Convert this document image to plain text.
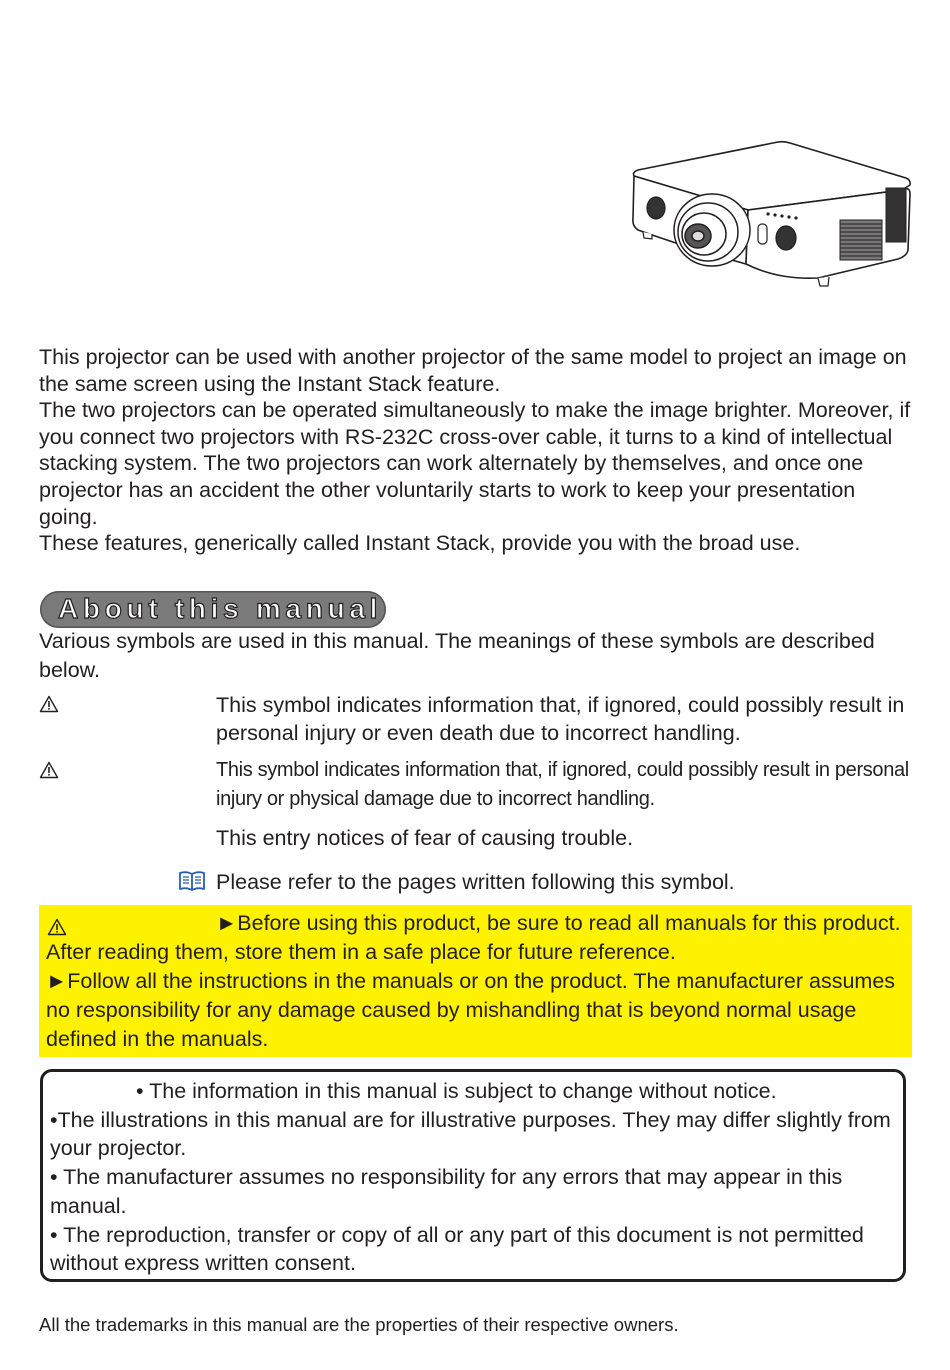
This projector can be used with another projector of the same model to project an image on the same screen using the Instant Stack feature.

The two projectors can be operated simultaneously to make the image brighter. Moreover, if you connect two projectors with RS-232C cross-over cable, it turns to a kind of intellectual stacking system. The two projectors can work alternately by themselves, and once one projector has an accident the other voluntarily starts to work to keep your presentation going.

These features, generically called Instant Stack, provide you with the broad use.

About this manual

Various symbols are used in this manual. The meanings of these symbols are described below.

This symbol indicates information that, if ignored, could possibly result in personal injury or even death due to incorrect handling.
This symbol indicates information that, if ignored, could possibly result in personal injury or physical damage due to incorrect handling.
This entry notices of fear of causing trouble.
Please refer to the pages written following this symbol.

►Before using this product, be sure to read all manuals for this product. After reading them, store them in a safe place for future reference.

►Follow all the instructions in the manuals or on the product. The manufacturer assumes no responsibility for any damage caused by mishandling that is beyond normal usage defined in the manuals.

• The information in this manual is subject to change without notice.

•The illustrations in this manual are for illustrative purposes. They may differ slightly from your projector.

• The manufacturer assumes no responsibility for any errors that may appear in this manual.

• The reproduction, transfer or copy of all or any part of this document is not permitted without express written consent.

All the trademarks in this manual are the properties of their respective owners.
